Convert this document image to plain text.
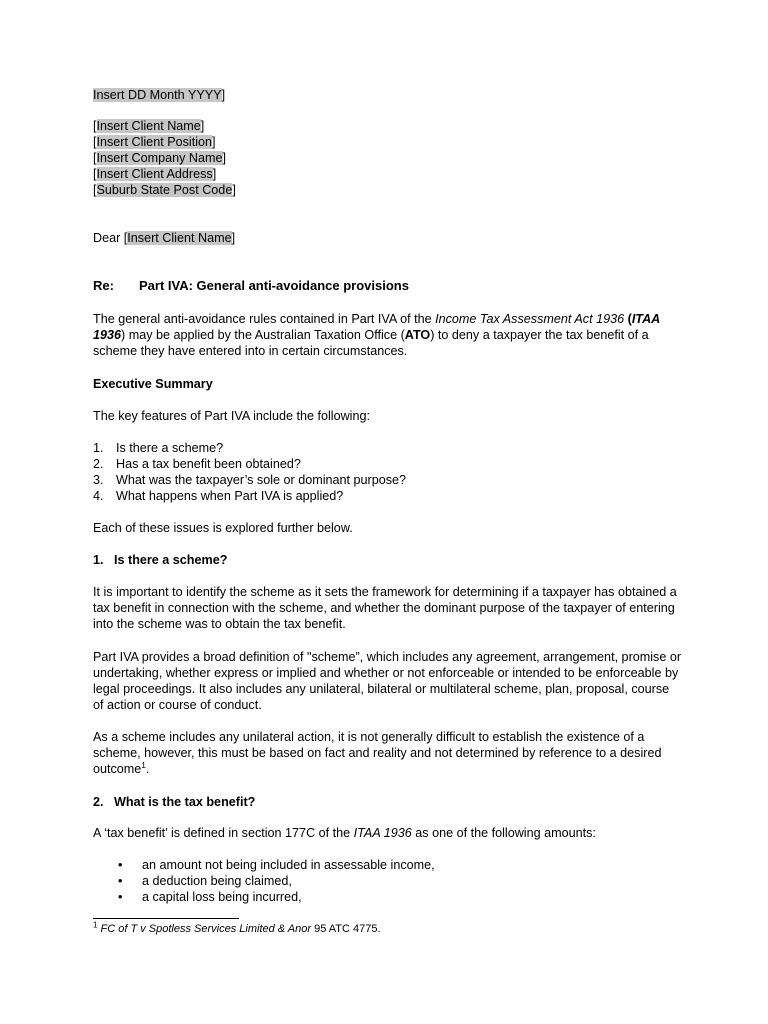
Insert DD Month YYYY]

[Insert Client Name]

[Insert Client Position]

[Insert Company Name]

[Insert Client Address]

[Suburb State Post Code]

Dear [Insert Client Name]

Re: Part IVA: General anti-avoidance provisions

The general anti-avoidance rules contained in Part IVA of the Income Tax Assessment Act 1936 (ITAA 1936) may be applied by the Australian Taxation Office (ATO) to deny a taxpayer the tax benefit of a scheme they have entered into in certain circumstances.

Executive Summary

The key features of Part IVA include the following:

1. Is there a scheme?
2. Has a tax benefit been obtained?
3. What was the taxpayer’s sole or dominant purpose?
4. What happens when Part IVA is applied?

Each of these issues is explored further below.

1.   Is there a scheme?

It is important to identify the scheme as it sets the framework for determining if a taxpayer has obtained a tax benefit in connection with the scheme, and whether the dominant purpose of the taxpayer of entering into the scheme was to obtain the tax benefit.

Part IVA provides a broad definition of "scheme”, which includes any agreement, arrangement, promise or undertaking, whether express or implied and whether or not enforceable or intended to be enforceable by legal proceedings. It also includes any unilateral, bilateral or multilateral scheme, plan, proposal, course of action or course of conduct.

As a scheme includes any unilateral action, it is not generally difficult to establish the existence of a scheme, however, this must be based on fact and reality and not determined by reference to a desired outcome$^1$.

2.   What is the tax benefit?

A ‘tax benefit’ is defined in section 177C of the ITAA 1936 as one of the following amounts:

• an amount not being included in assessable income,
• a deduction being claimed,
• a capital loss being incurred,

$^1$ FC of T v Spotless Services Limited & Anor 95 ATC 4775.
